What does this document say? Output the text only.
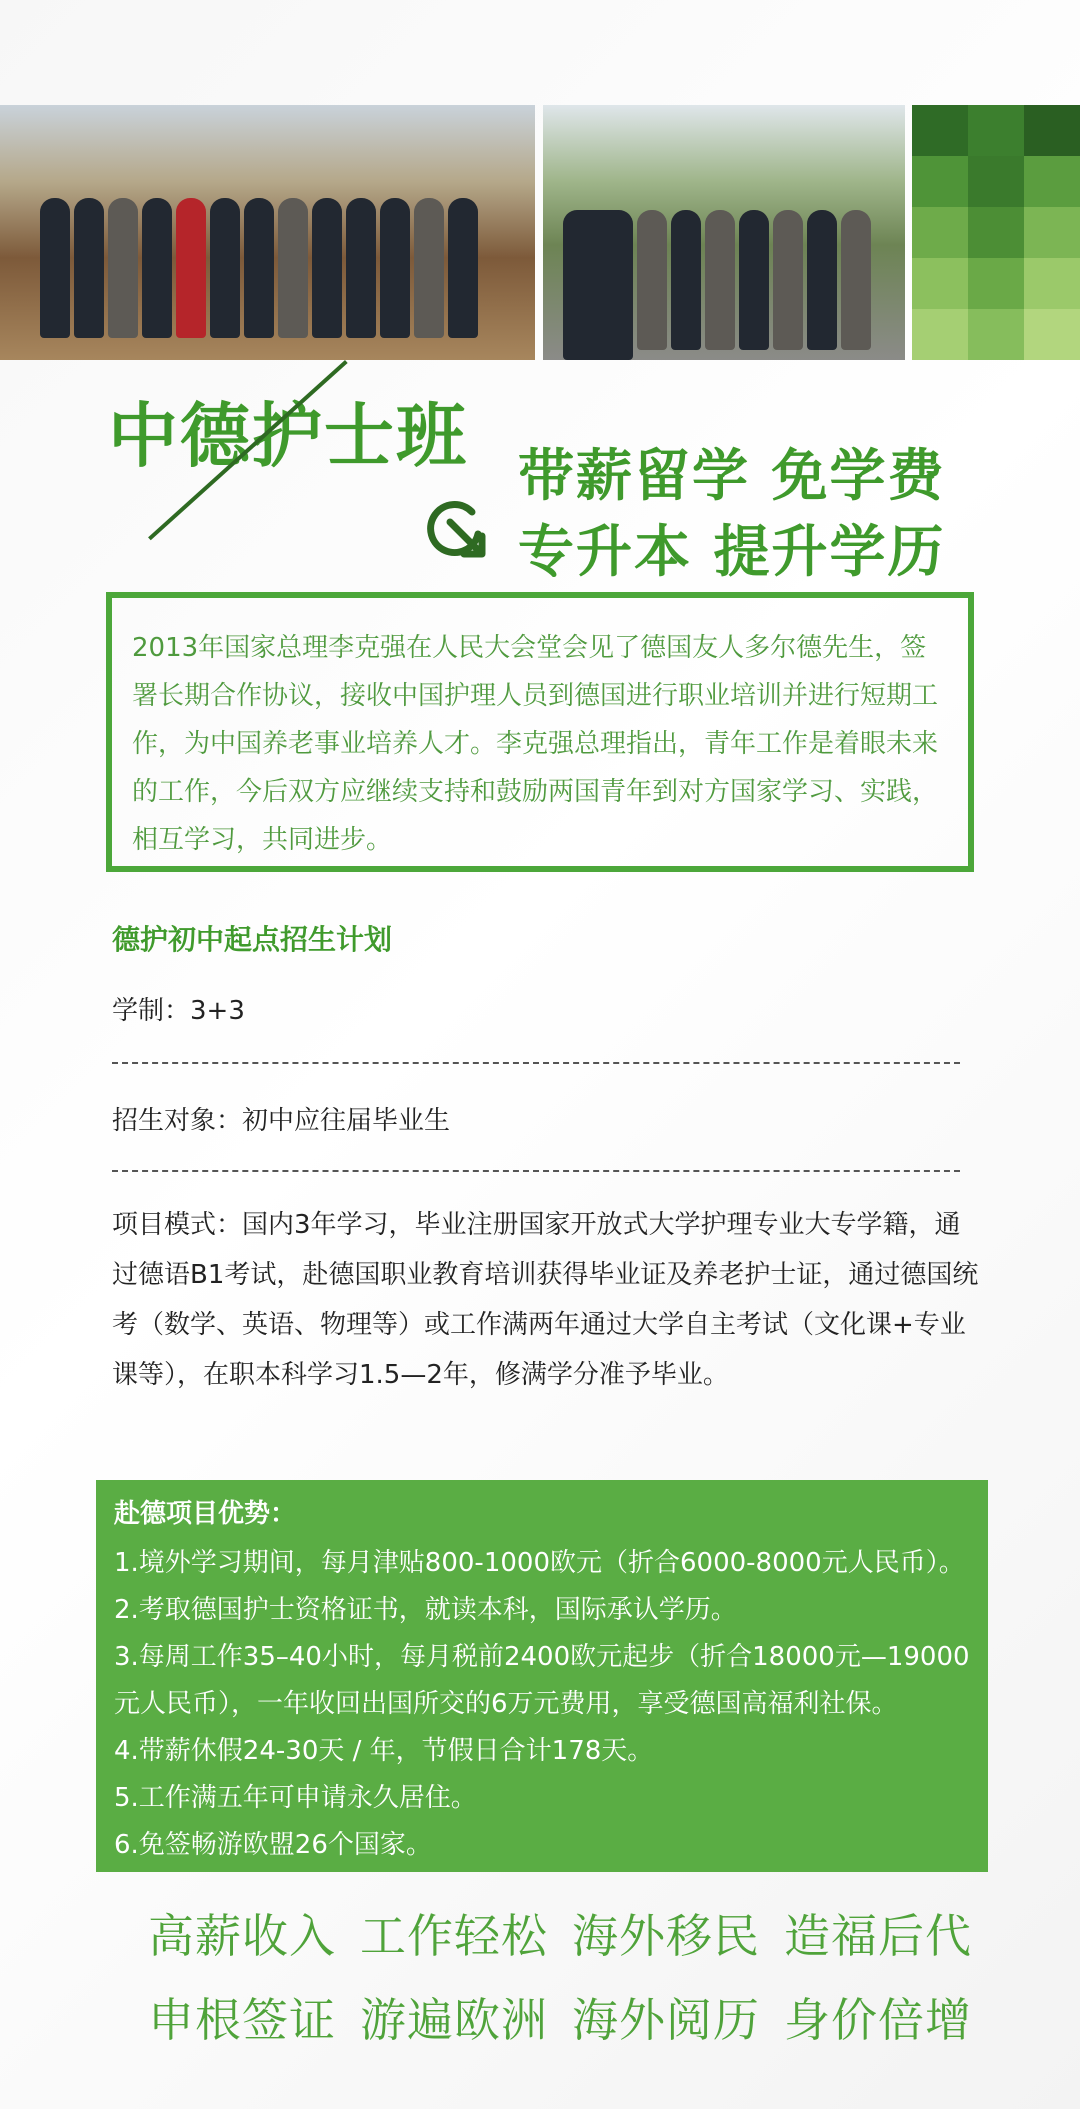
中德护士班 带薪留学 免学费

专升本 提升学历

2013年国家总理李克强在人民大会堂会见了德国友人多尔德先生，签署长期合作协议，接收中国护理人员到德国进行职业培训并进行短期工作，为中国养老事业培养人才。李克强总理指出，青年工作是着眼未来的工作，今后双方应继续支持和鼓励两国青年到对方国家学习、实践，相互学习，共同进步。

德护初中起点招生计划

学制：3+3

招生对象：初中应往届毕业生

项目模式：国内3年学习，毕业注册国家开放式大学护理专业大专学籍，通过德语B1考试，赴德国职业教育培训获得毕业证及养老护士证，通过德国统考（数学、英语、物理等）或工作满两年通过大学自主考试（文化课+专业课等），在职本科学习1.5—2年，修满学分准予毕业。

赴德项目优势：

1.境外学习期间，每月津贴800-1000欧元（折合6000-8000元人民币）。

2.考取德国护士资格证书，就读本科，国际承认学历。

3.每周工作35–40小时，每月税前2400欧元起步（折合18000元—19000元人民币），一年收回出国所交的6万元费用，享受德国高福利社保。

4.带薪休假24-30天 / 年，节假日合计178天。

5.工作满五年可申请永久居住。

6.免签畅游欧盟26个国家。

高薪收入 工作轻松 海外移民 造福后代
申根签证 游遍欧洲 海外阅历 身价倍增
